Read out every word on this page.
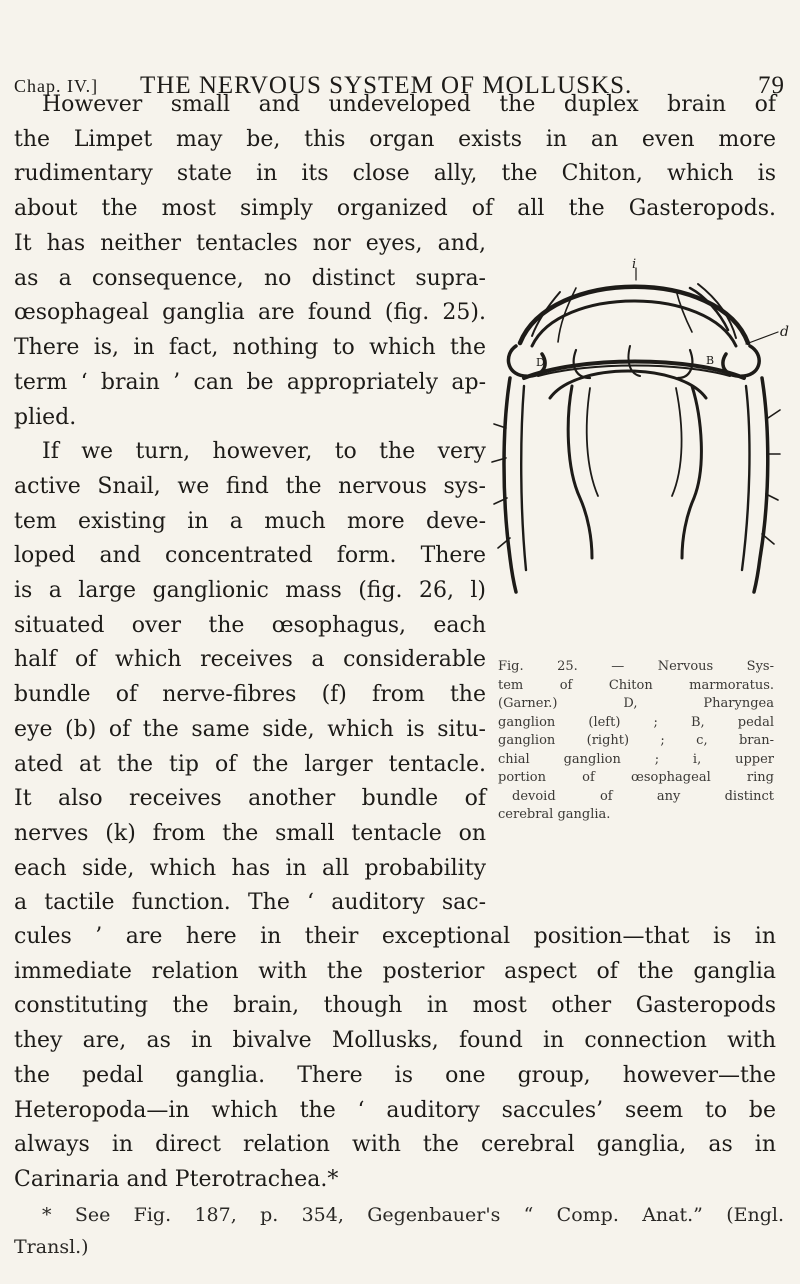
Chap. IV.] THE NERVOUS SYSTEM OF MOLLUSKS.	79
However small and undeveloped the duplex brain of
the Limpet may be, this organ exists in an even more
rudimentary state in its close ally, the Chiton, which is
about the most simply organized of all the Gasteropods.
It has neither tentacles nor eyes, and,
as a consequence, no distinct supra-
œsophageal ganglia are found (fig. 25).
There is, in fact, nothing to which the
term ‘ brain ’ can be appropriately ap-
plied.
If we turn, however, to the very
active Snail, we find the nervous sys-
tem existing in a much more deve-
loped and concentrated form. There
is a large ganglionic mass (fig. 26, l)
situated over the œsophagus, each
half of which receives a considerable
bundle of nerve-fibres (f) from the
eye (b) of the same side, which is situ-
ated at the tip of the larger tentacle.
It also receives another bundle of
nerves (k) from the small tentacle on
each side, which has in all probability
a tactile function. The ‘ auditory sac-
i
d
D	B
Fig. 25. — Nervous Sys-
tem of Chiton marmoratus.
(Garner.) D, Pharyngea
ganglion (left) ; B, pedal
ganglion (right) ; c, bran-
chial ganglion ; i, upper
portion of œsophageal ring
devoid of any distinct
cerebral ganglia.
cules ’ are here in their exceptional position—that is in
immediate relation with the posterior aspect of the ganglia
constituting the brain, though in most other Gasteropods
they are, as in bivalve Mollusks, found in connection with
the pedal ganglia. There is one group, however—the
Heteropoda—in which the ‘ auditory saccules’ seem to be
always in direct relation with the cerebral ganglia, as in
Carinaria and Pterotrachea.*
* See Fig. 187, p. 354, Gegenbauer's “ Comp. Anat.” (Engl.
Transl.)
